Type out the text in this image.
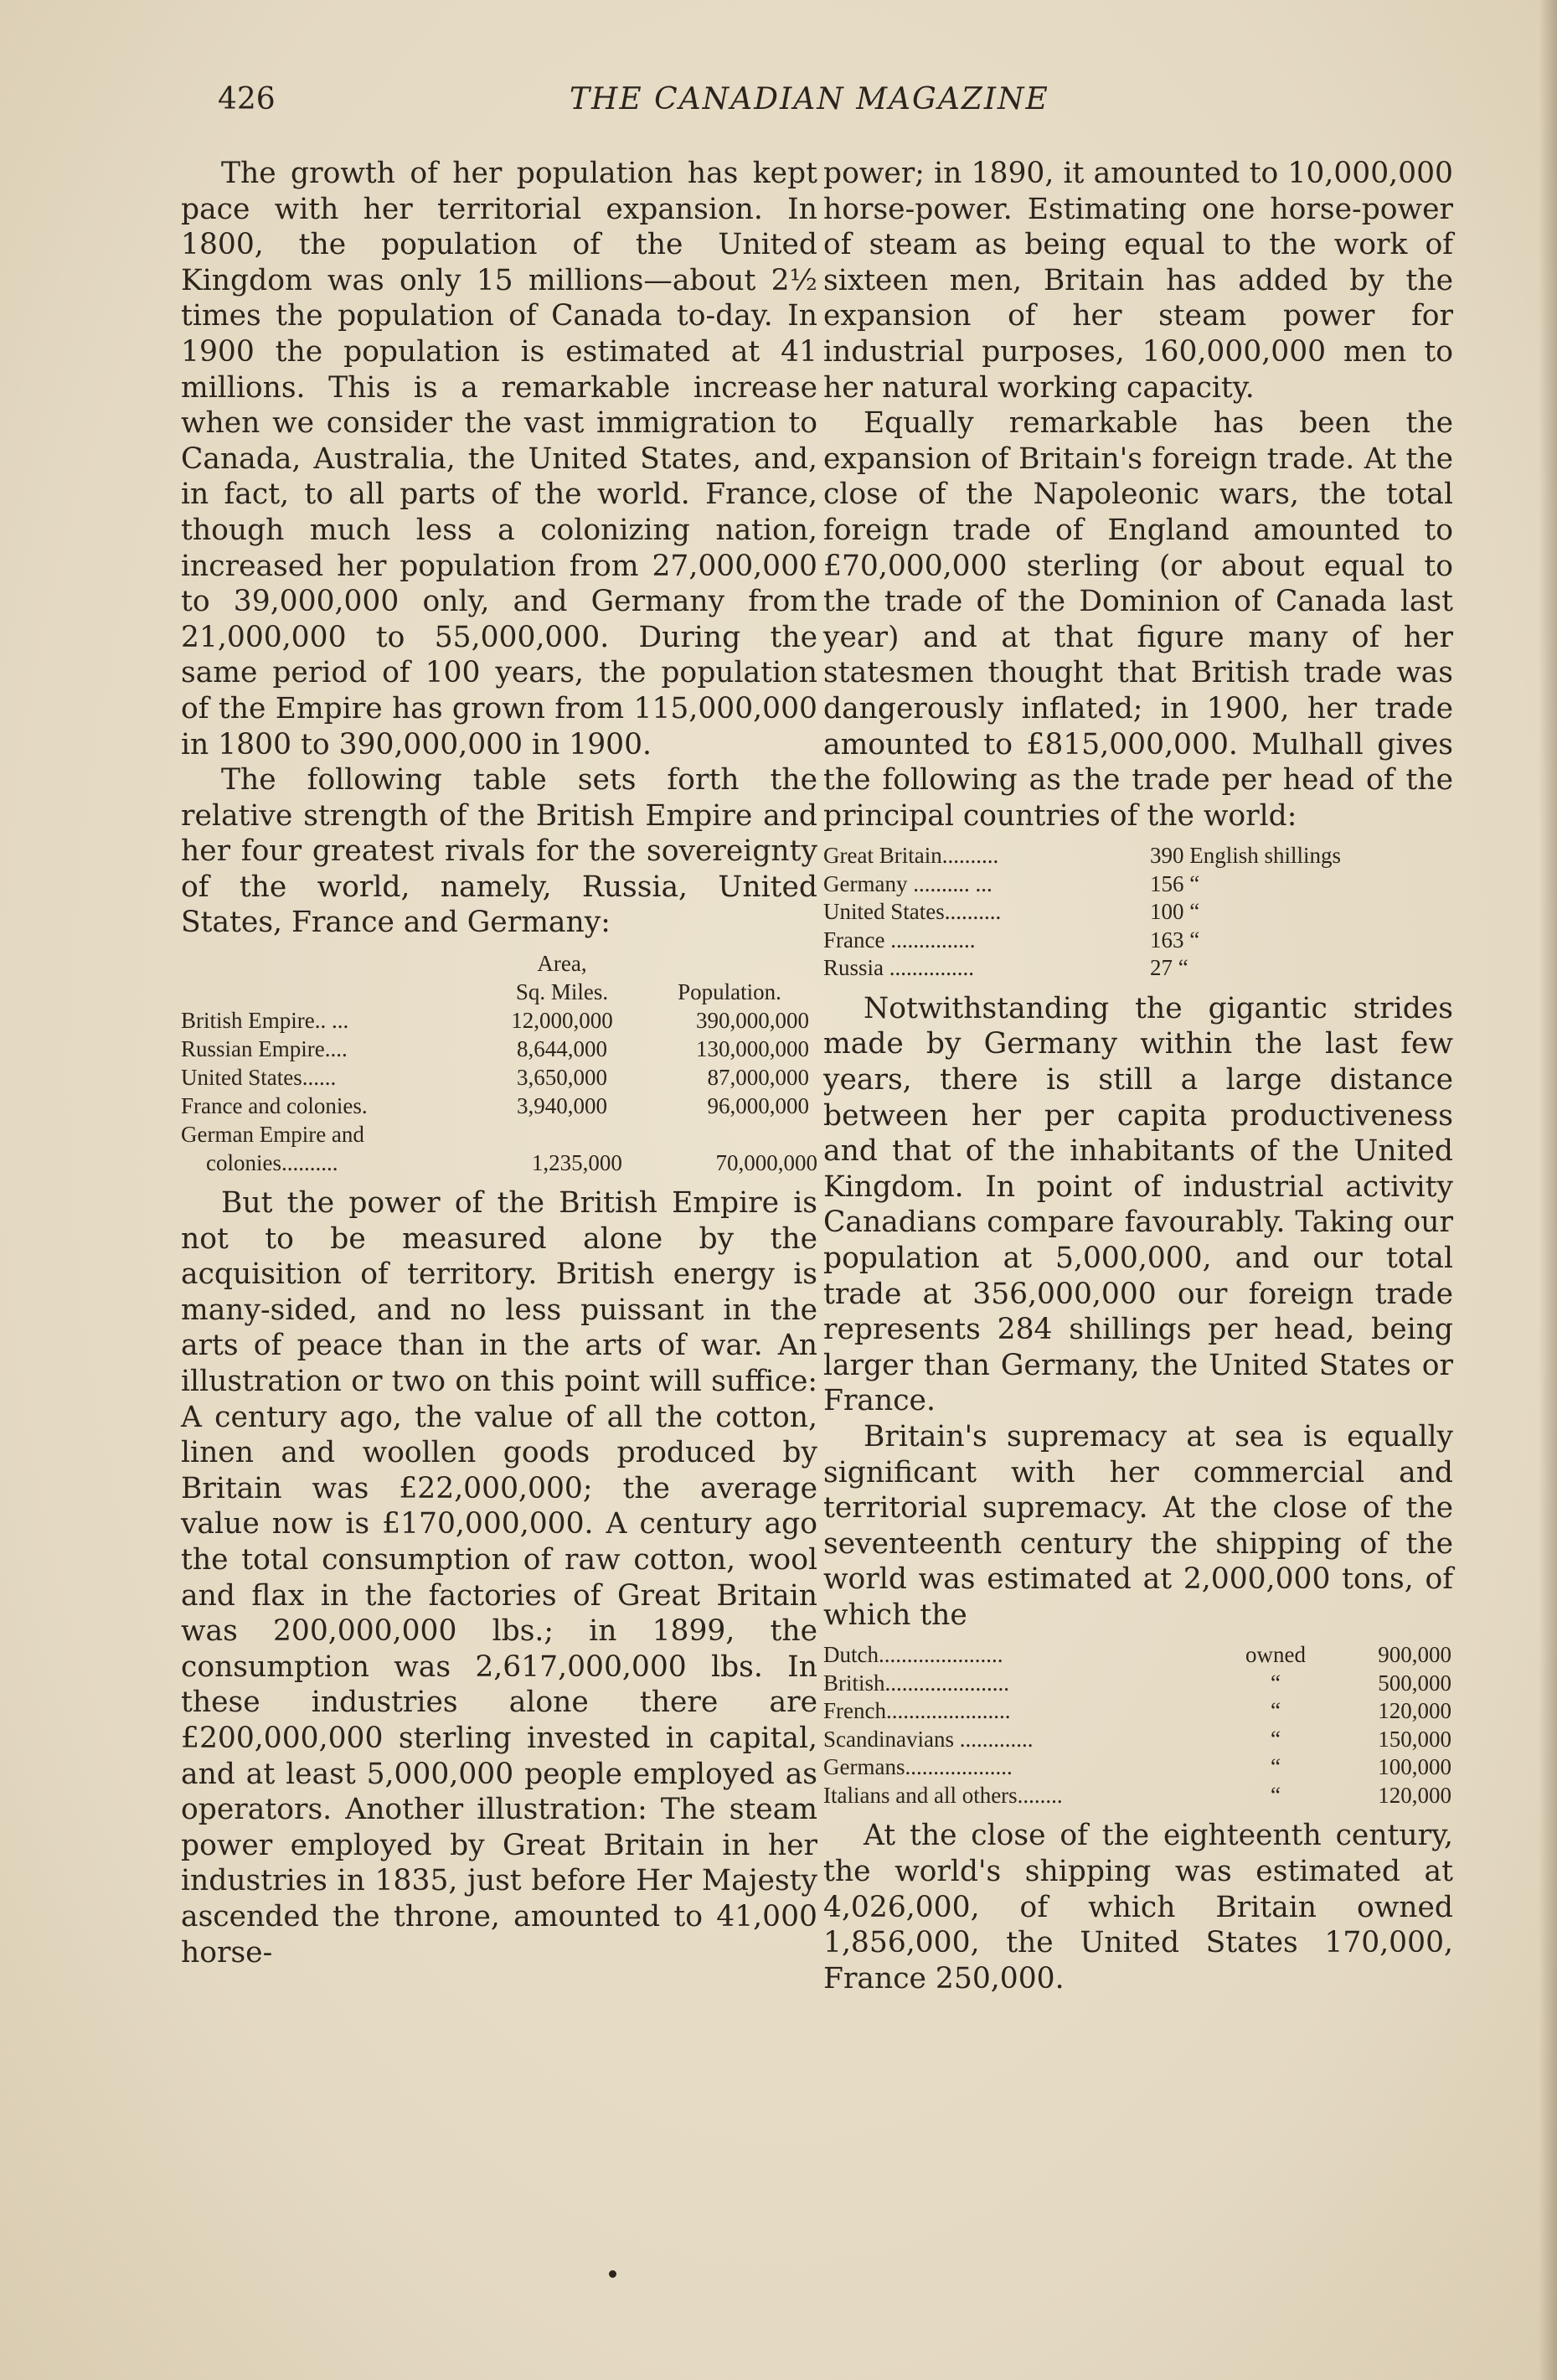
426	THE CANADIAN MAGAZINE

The growth of her population has kept pace with her territorial expansion. In 1800, the population of the United Kingdom was only 15 millions—about 2½ times the population of Canada to-day. In 1900 the population is estimated at 41 millions. This is a remarkable increase when we consider the vast immigration to Canada, Australia, the United States, and, in fact, to all parts of the world. France, though much less a colonizing nation, increased her population from 27,000,000 to 39,000,000 only, and Germany from 21,000,000 to 55,000,000. During the same period of 100 years, the population of the Empire has grown from 115,000,000 in 1800 to 390,000,000 in 1900.

The following table sets forth the relative strength of the British Empire and her four greatest rivals for the sovereignty of the world, namely, Russia, United States, France and Germany:

Area,
Sq. Miles.	Population.
British Empire.. ...	12,000,000	390,000,000
Russian Empire....	8,644,000	130,000,000
United States......	3,650,000	87,000,000
France and colonies.	3,940,000	96,000,000
German Empire and
colonies..........	1,235,000	70,000,000

But the power of the British Empire is not to be measured alone by the acquisition of territory. British energy is many-sided, and no less puissant in the arts of peace than in the arts of war. An illustration or two on this point will suffice: A century ago, the value of all the cotton, linen and woollen goods produced by Britain was £22,000,000; the average value now is £170,000,000. A century ago the total consumption of raw cotton, wool and flax in the factories of Great Britain was 200,000,000 lbs.; in 1899, the consumption was 2,617,000,000 lbs. In these industries alone there are £200,000,000 sterling invested in capital, and at least 5,000,000 people employed as operators. Another illustration: The steam power employed by Great Britain in her industries in 1835, just before Her Majesty ascended the throne, amounted to 41,000 horse-

power; in 1890, it amounted to 10,000,000 horse-power. Estimating one horse-power of steam as being equal to the work of sixteen men, Britain has added by the expansion of her steam power for industrial purposes, 160,000,000 men to her natural working capacity.

Equally remarkable has been the expansion of Britain's foreign trade. At the close of the Napoleonic wars, the total foreign trade of England amounted to £70,000,000 sterling (or about equal to the trade of the Dominion of Canada last year) and at that figure many of her statesmen thought that British trade was dangerously inflated; in 1900, her trade amounted to £815,000,000. Mulhall gives the following as the trade per head of the principal countries of the world:

Great Britain..........	390 English shillings
Germany .......... ...	156 “
United States..........	100 “
France ...............	163 “
Russia ...............	27 “

Notwithstanding the gigantic strides made by Germany within the last few years, there is still a large distance between her per capita productiveness and that of the inhabitants of the United Kingdom. In point of industrial activity Canadians compare favourably. Taking our population at 5,000,000, and our total trade at 356,000,000 our foreign trade represents 284 shillings per head, being larger than Germany, the United States or France.

Britain's supremacy at sea is equally significant with her commercial and territorial supremacy. At the close of the seventeenth century the shipping of the world was estimated at 2,000,000 tons, of which the

Dutch......................	owned	900,000
British......................	“	500,000
French......................	“	120,000
Scandinavians .............	“	150,000
Germans...................	“	100,000
Italians and all others........	“	120,000

At the close of the eighteenth century, the world's shipping was estimated at 4,026,000, of which Britain owned 1,856,000, the United States 170,000, France 250,000.
